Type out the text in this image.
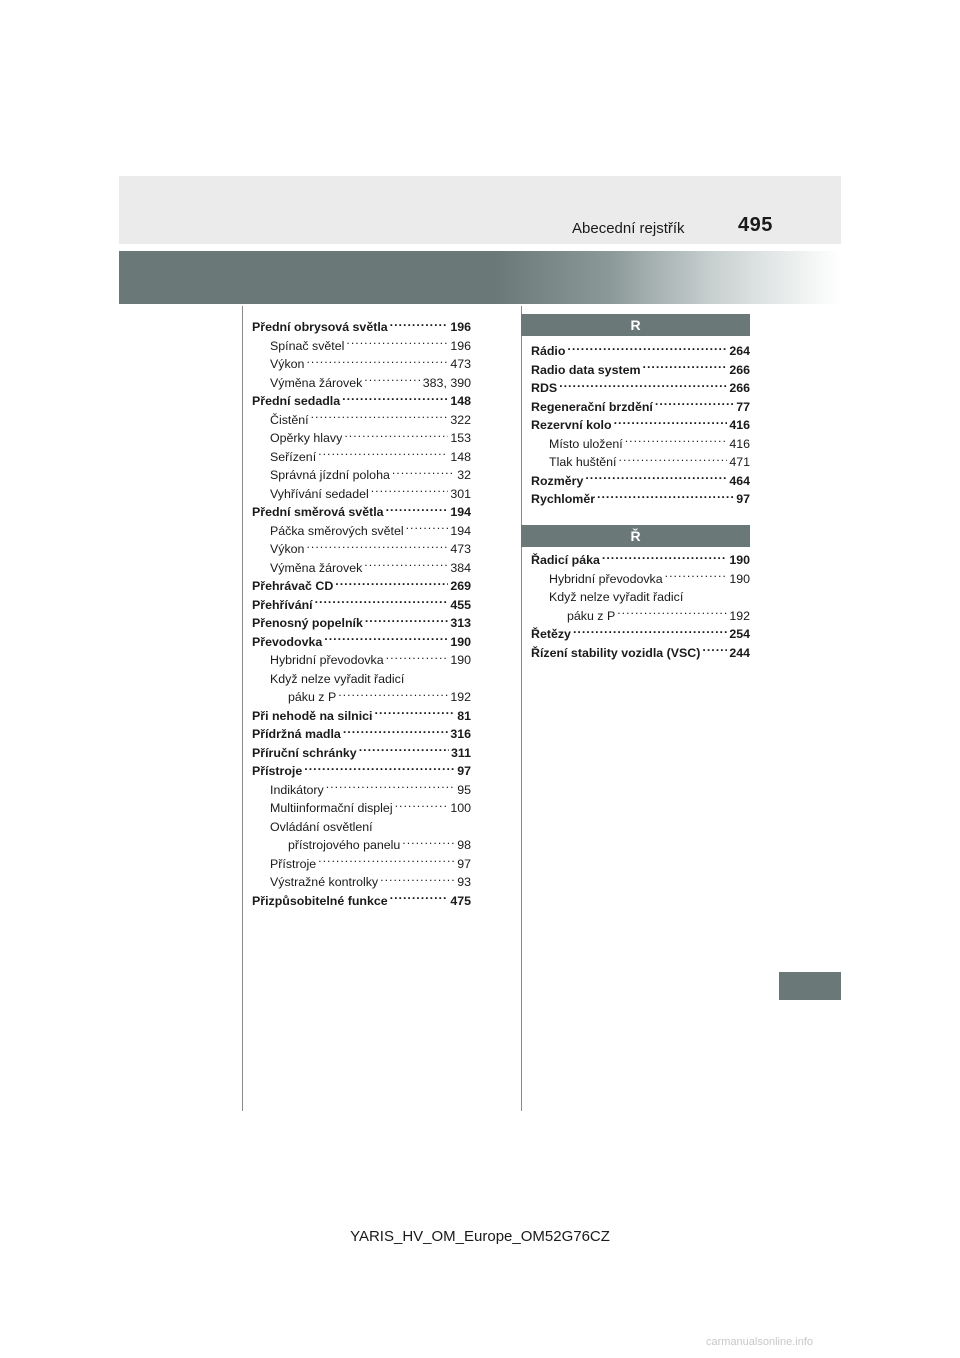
Abecední rejstřík	495
Přední obrysová světla .....	196
Spínač světel .....	196
Výkon .....	473
Výměna žárovek .....	383, 390
Přední sedadla .....	148
Čistění .....	322
Opěrky hlavy .....	153
Seřízení .....	148
Správná jízdní poloha .....	32
Vyhřívání sedadel .....	301
Přední směrová světla .....	194
Páčka směrových světel .....	194
Výkon .....	473
Výměna žárovek .....	384
Přehrávač CD .....	269
Přehřívání .....	455
Přenosný popelník .....	313
Převodovka .....	190
Hybridní převodovka .....	190
Když nelze vyřadit řadicí
páku z P .....	192
Při nehodě na silnici .....	81
Přídržná madla .....	316
Příruční schránky .....	311
Přístroje .....	97
Indikátory .....	95
Multiinformační displej .....	100
Ovládání osvětlení
přístrojového panelu .....	98
Přístroje .....	97
Výstražné kontrolky .....	93
Přizpůsobitelné funkce .....	475
R
Rádio .....	264
Radio data system .....	266
RDS .....	266
Regenerační brzdění .....	77
Rezervní kolo .....	416
Místo uložení .....	416
Tlak huštění .....	471
Rozměry .....	464
Rychloměr .....	97
Ř
Řadicí páka .....	190
Hybridní převodovka .....	190
Když nelze vyřadit řadicí
páku z P .....	192
Řetězy .....	254
Řízení stability vozidla (VSC) ..... 244
YARIS_HV_OM_Europe_OM52G76CZ
carmanualsonline.info
